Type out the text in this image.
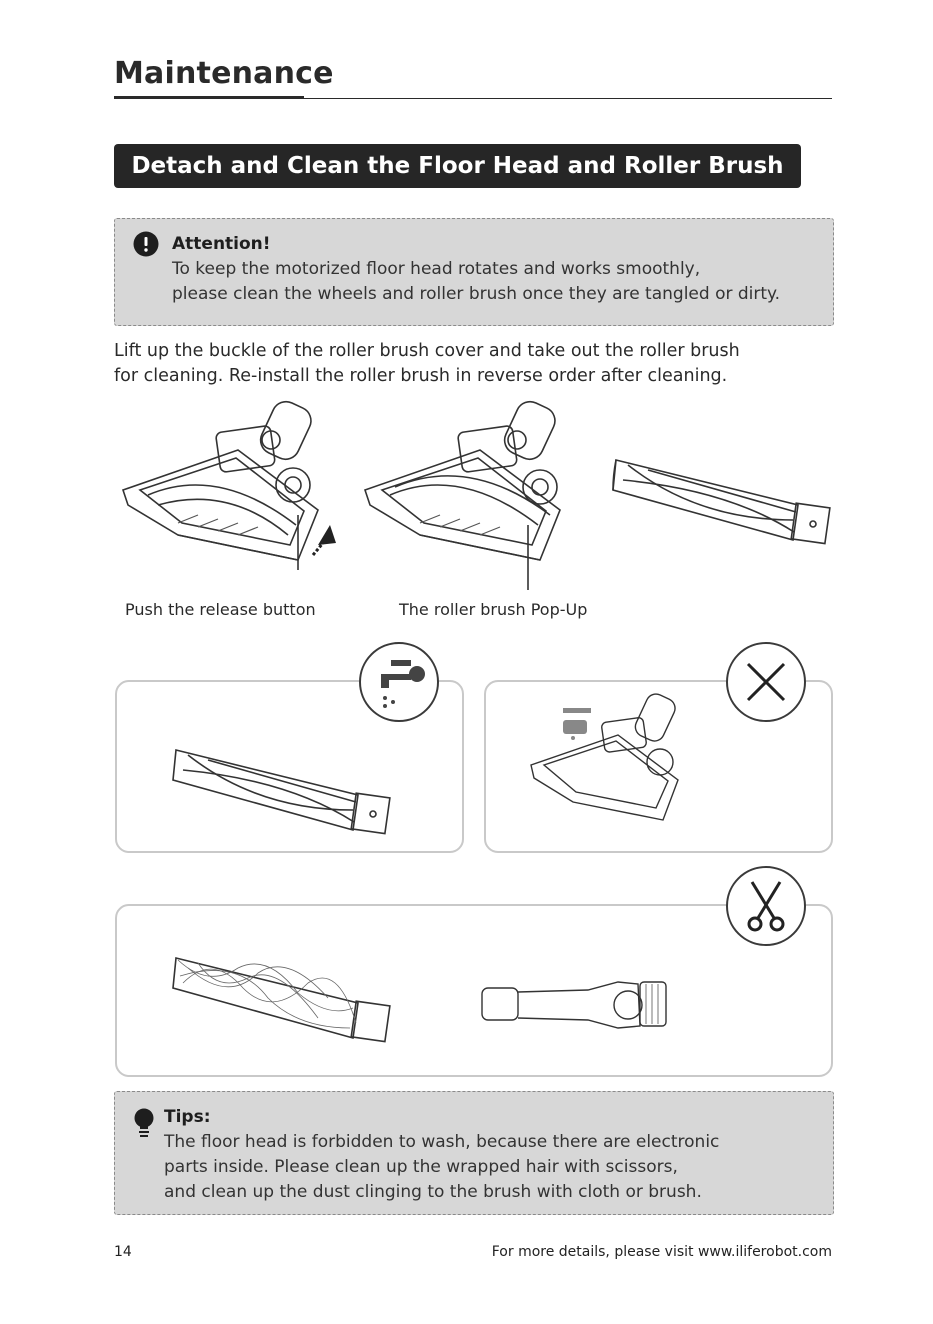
Maintenance
Detach and Clean the Floor Head and Roller Brush
Attention!
To keep the motorized floor head rotates and works smoothly,
please clean the wheels and roller brush once they are tangled or dirty.
Lift up the buckle of the roller brush cover and take out the roller brush
for cleaning. Re-install the roller brush in reverse order after cleaning.
Push the release button	The roller brush Pop-Up
Tips:
The floor head is forbidden to wash, because there are electronic
parts inside. Please clean up the wrapped hair with scissors,
and clean up the dust clinging to the brush with cloth or brush.
14	For more details, please visit www.iliferobot.com
